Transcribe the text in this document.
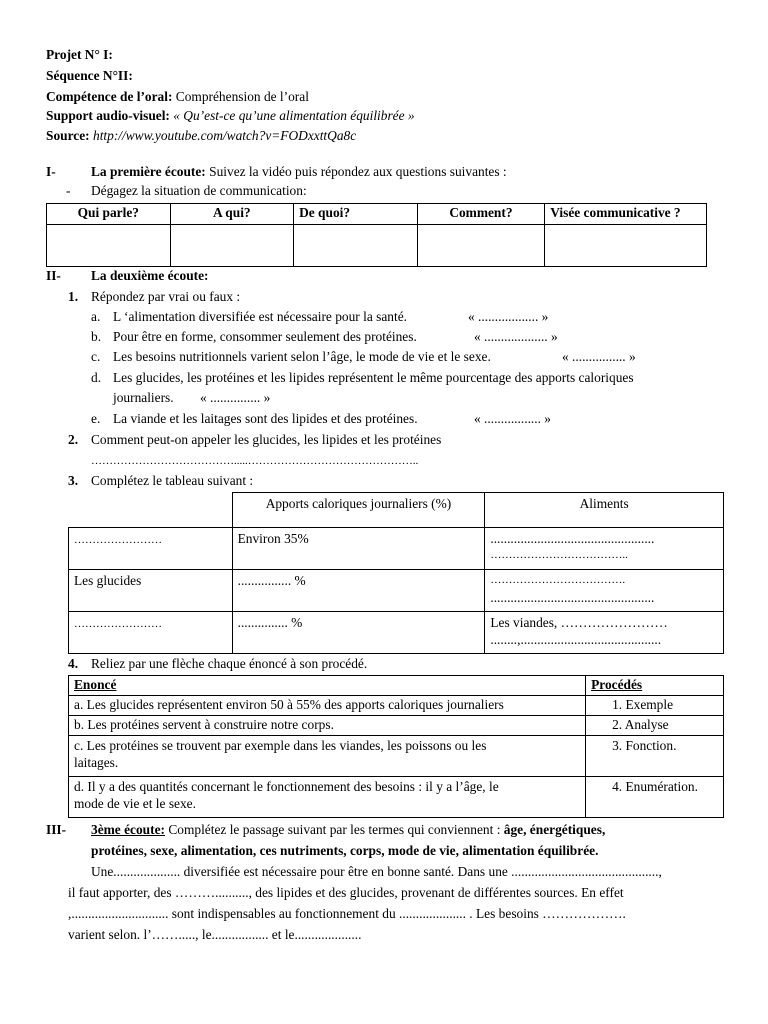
Projet N° I:
Séquence N°II:
Compétence de l’oral: Compréhension de l’oral
Support audio-visuel: « Qu’est-ce qu’une alimentation équilibrée »
Source: http://www.youtube.com/watch?v=FODxxttQa8c
I-	La première écoute: Suivez la vidéo puis répondez aux questions suivantes :
- Dégagez la situation de communication:
Qui parle?	A qui?	De quoi?	Comment?	Visée communicative ?

II- La deuxième écoute:
1. Répondez par vrai ou faux :
a. L ‘alimentation diversifiée est nécessaire pour la santé.	« .................. »
b. Pour être en forme, consommer seulement des protéines.	« ................... »
c. Les besoins nutritionnels varient selon l’âge, le mode de vie et le sexe.	« ................ »
d. Les glucides, les protéines et les lipides représentent le même pourcentage des apports caloriques
journaliers. « ............... »
e. La viande et les laitages sont des lipides et des protéines.	« ................. »
2. Comment peut-on appeler les glucides, les lipides et les protéines
………………………………….....………………………………………..
3. Complétez le tableau suivant :
	Apports caloriques journaliers (%)	Aliments
……………………	Environ 35%	.................................................
………………………………..

Les glucides	................ %	……………………………….
.................................................

……………………	............... %	Les viandes, ……………………
........,..........................................
4. Reliez par une flèche chaque énoncé à son procédé.
Enoncé	Procédés
a. Les glucides représentent environ 50 à 55% des apports caloriques journaliers	1. Exemple
b. Les protéines servent à construire notre corps.	2. Analyse

c. Les protéines se trouvent par exemple dans les viandes, les poissons ou les
laitages.	3. Fonction.

d. Il y a des quantités concernant le fonctionnement des besoins : il y a l’âge, le
mode de vie et le sexe.	4. Enumération.
III- 3ème écoute: Complétez le passage suivant par les termes qui conviennent : âge, énergétiques,
protéines, sexe, alimentation, ces nutriments, corps, mode de vie, alimentation équilibrée.
Une.................... diversifiée est nécessaire pour être en bonne santé. Dans une ............................................,
il faut apporter, des ……….........., des lipides et des glucides, provenant de différentes sources. En effet
,............................. sont indispensables au fonctionnement du .................... . Les besoins ……………….
varient selon. l’……....., le................. et le....................
